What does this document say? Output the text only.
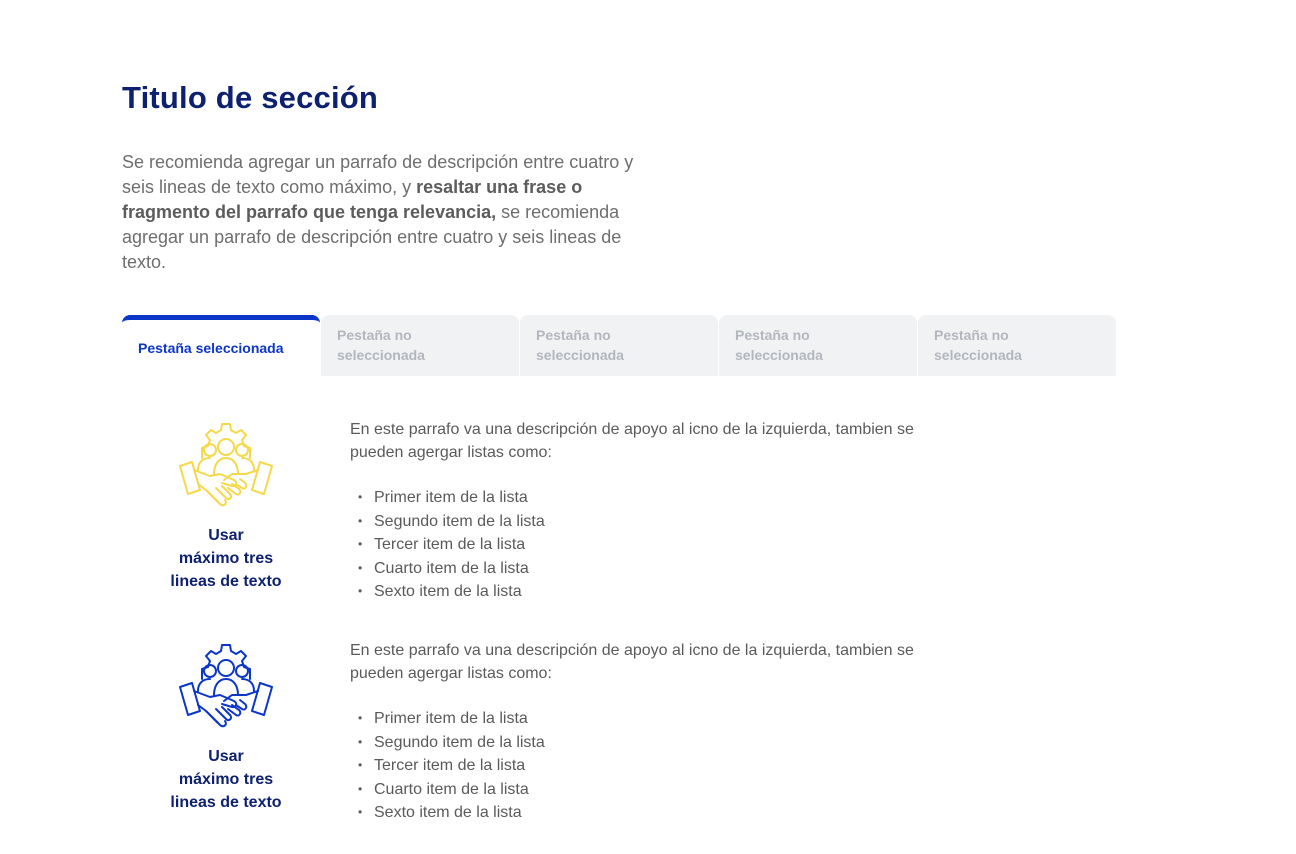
Titulo de sección

Se recomienda agregar un parrafo de descripción entre cuatro y seis lineas de texto como máximo, y resaltar una frase o fragmento del parrafo que tenga relevancia, se recomienda agregar un parrafo de descripción entre cuatro y seis lineas de texto.

Pestaña seleccionada
Pestaña no seleccionada
Pestaña no seleccionada
Pestaña no seleccionada
Pestaña no seleccionada
Usar
máximo tres
lineas de texto

En este parrafo va una descripción de apoyo al icno de la izquierda, tambien se pueden agergar listas como:

• Primer item de la lista
• Segundo item de la lista
• Tercer item de la lista
• Cuarto item de la lista
• Sexto item de la lista
Usar
máximo tres
lineas de texto

En este parrafo va una descripción de apoyo al icno de la izquierda, tambien se pueden agergar listas como:

• Primer item de la lista
• Segundo item de la lista
• Tercer item de la lista
• Cuarto item de la lista
• Sexto item de la lista
